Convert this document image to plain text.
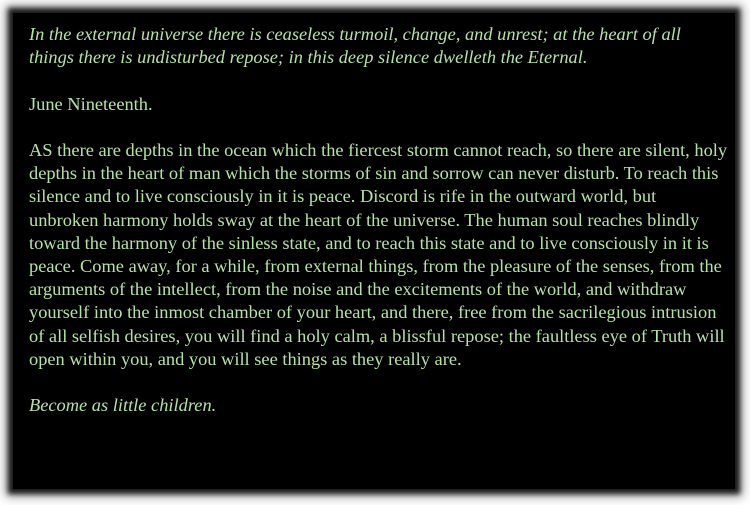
In the external universe there is ceaseless turmoil, change, and unrest; at the heart of all things there is undisturbed repose; in this deep silence dwelleth the Eternal.

June Nineteenth.

AS there are depths in the ocean which the fiercest storm cannot reach, so there are silent, holy depths in the heart of man which the storms of sin and sorrow can never disturb. To reach this silence and to live consciously in it is peace. Discord is rife in the outward world, but unbroken harmony holds sway at the heart of the universe. The human soul reaches blindly toward the harmony of the sinless state, and to reach this state and to live consciously in it is peace. Come away, for a while, from external things, from the pleasure of the senses, from the arguments of the intellect, from the noise and the excitements of the world, and withdraw yourself into the inmost chamber of your heart, and there, free from the sacrilegious intrusion of all selfish desires, you will find a holy calm, a blissful repose; the faultless eye of Truth will open within you, and you will see things as they really are.

Become as little children.
